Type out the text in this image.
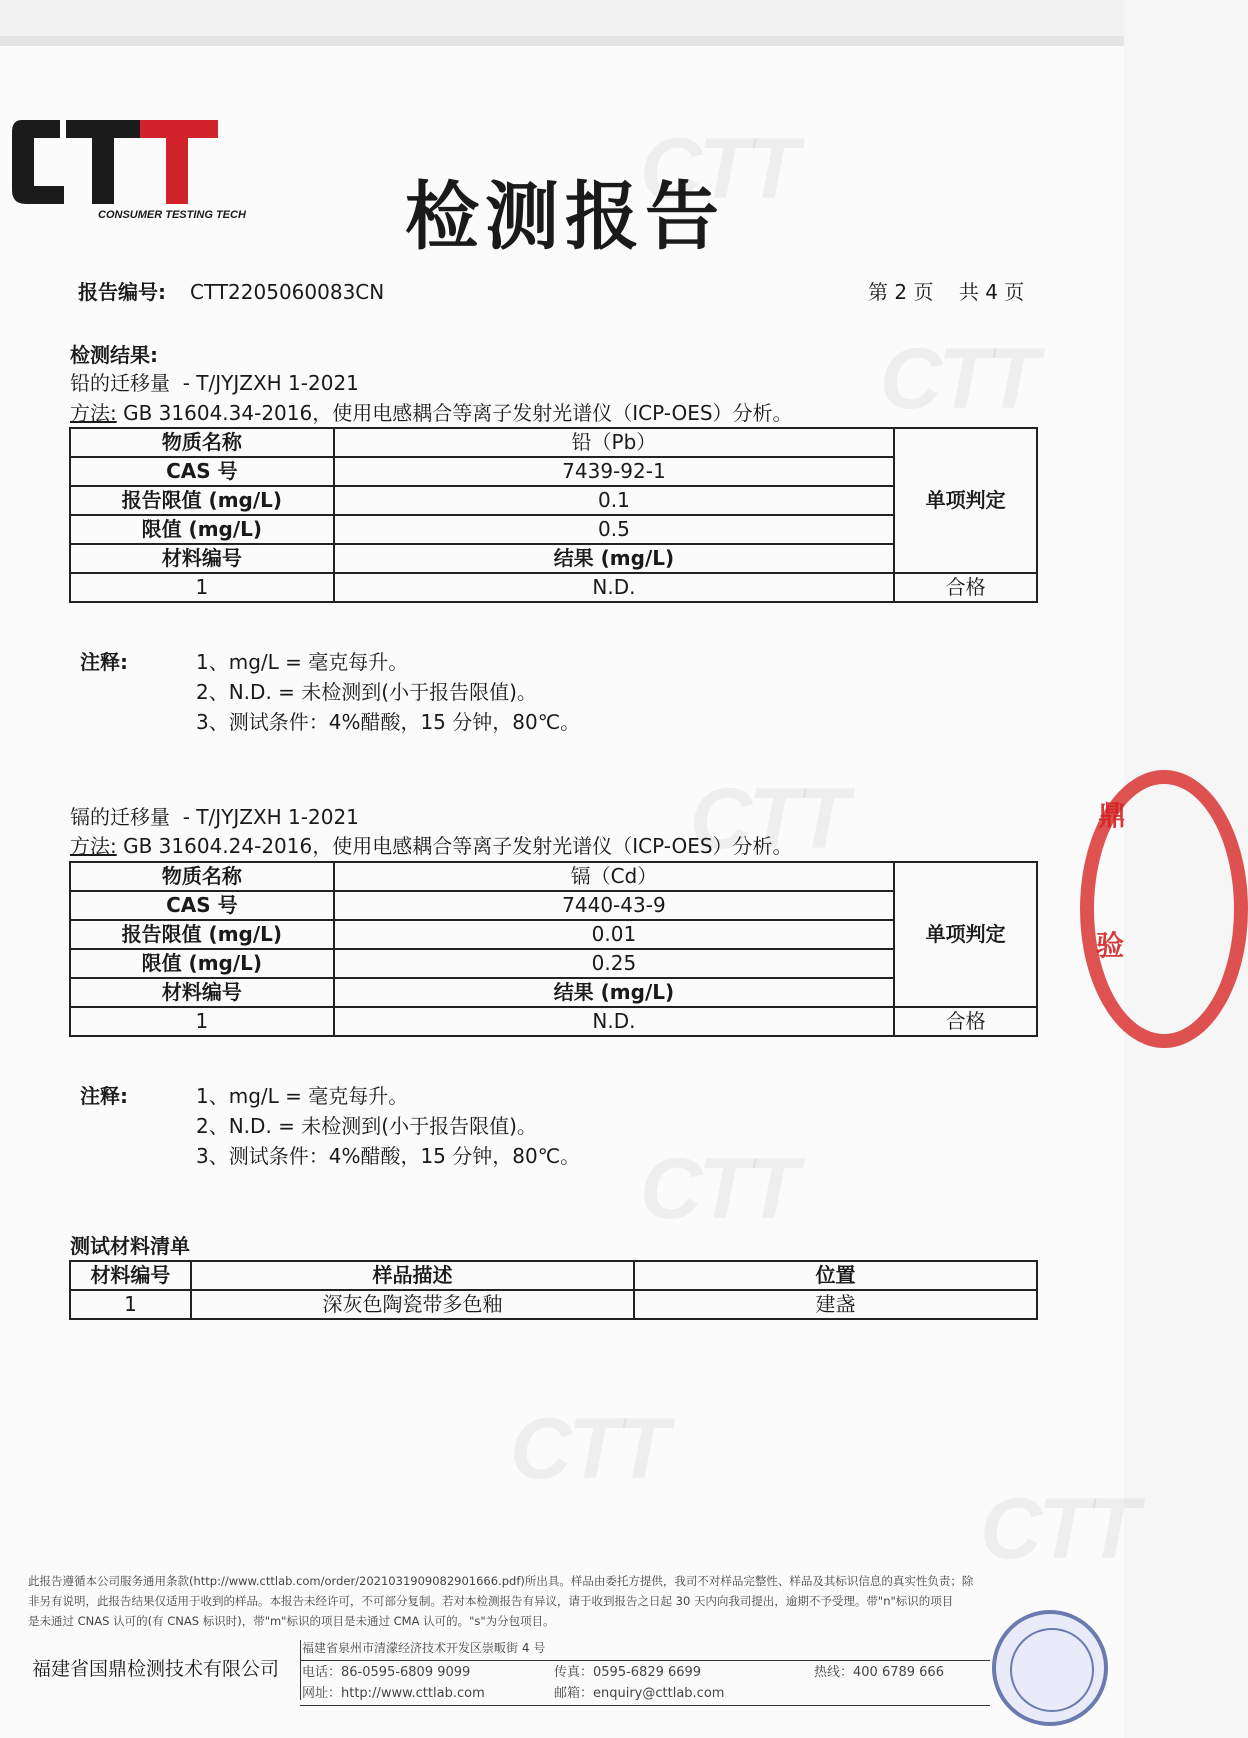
CTT
CTT
CTT
CTT
CTT
CTT
CONSUMER TESTING TECH 检测报告
报告编号: CTT2205060083CN	第 2 页    共 4 页
检测结果:
铅的迁移量  - T/JYJZXH 1-2021
方法: GB 31604.34-2016，使用电感耦合等离子发射光谱仪（ICP-OES）分析。
物质名称	铅（Pb）	单项判定
CAS 号	7439-92-1	
报告限值 (mg/L)	0.1	
限值 (mg/L)	0.5	
材料编号	结果 (mg/L)	
1	N.D.	合格
注释:	1、mg/L = 毫克每升。
2、N.D. = 未检测到(小于报告限值)。
3、测试条件：4%醋酸，15 分钟，80℃。
镉的迁移量  - T/JYJZXH 1-2021
方法: GB 31604.24-2016，使用电感耦合等离子发射光谱仪（ICP-OES）分析。
物质名称	镉（Cd）	单项判定
CAS 号	7440-43-9	
报告限值 (mg/L)	0.01	
限值 (mg/L)	0.25	
材料编号	结果 (mg/L)	
1	N.D.	合格
注释:	1、mg/L = 毫克每升。
2、N.D. = 未检测到(小于报告限值)。
3、测试条件：4%醋酸，15 分钟，80℃。
测试材料清单
材料编号	样品描述	位置
1	深灰色陶瓷带多色釉	建盏
鼎
验
此报告遵循本公司服务通用条款(http://www.cttlab.com/order/2021031909082901666.pdf)所出具。样品由委托方提供，我司不对样品完整性、样品及其标识信息的真实性负责；除
非另有说明，此报告结果仅适用于收到的样品。本报告未经许可，不可部分复制。若对本检测报告有异议，请于收到报告之日起 30 天内向我司提出，逾期不予受理。带"n"标识的项目
是未通过 CNAS 认可的(有 CNAS 标识时)，带"m"标识的项目是未通过 CMA 认可的。"s"为分包项目。
福建省国鼎检测技术有限公司
福建省泉州市清濛经济技术开发区崇畈街 4 号
电话：86-0595-6809 9099	传真：0595-6829 6699	热线：400 6789 666
网址：http://www.cttlab.com	邮箱：enquiry@cttlab.com
